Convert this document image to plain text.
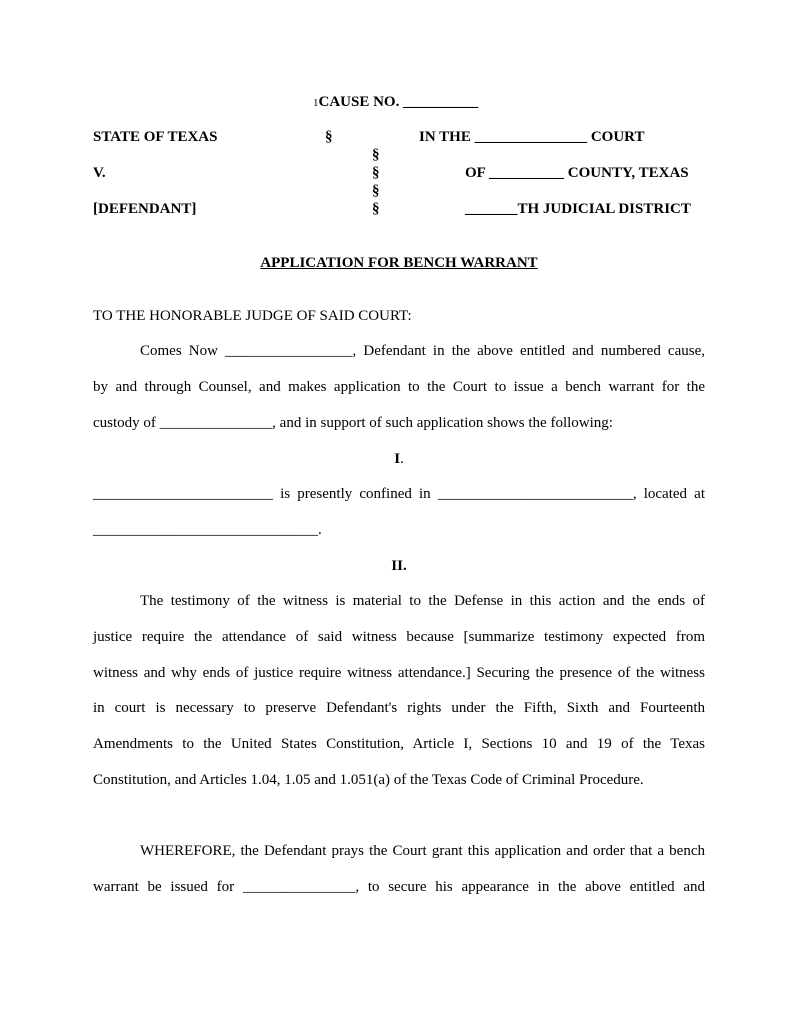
1CAUSE NO. __________
STATE OF TEXAS	§	IN THE _______________ COURT
§
V.	§	OF __________ COUNTY, TEXAS
§
[DEFENDANT]	§	_______TH JUDICIAL DISTRICT
APPLICATION FOR BENCH WARRANT
TO THE HONORABLE JUDGE OF SAID COURT:
Comes Now _________________, Defendant in the above entitled and numbered cause,
by and through Counsel, and makes application to the Court to issue a bench warrant for the
custody of _______________, and in support of such application shows the following:
I.
________________________ is presently confined in __________________________, located at
______________________________.
II.
The testimony of the witness is material to the Defense in this action and the ends of
justice require the attendance of said witness because [summarize testimony expected from
witness and why ends of justice require witness attendance.] Securing the presence of the witness
in court is necessary to preserve Defendant's rights under the Fifth, Sixth and Fourteenth
Amendments to the United States Constitution, Article I, Sections 10 and 19 of the Texas
Constitution, and Articles 1.04, 1.05 and 1.051(a) of the Texas Code of Criminal Procedure.
WHEREFORE, the Defendant prays the Court grant this application and order that a bench
warrant be issued for _______________, to secure his appearance in the above entitled and
